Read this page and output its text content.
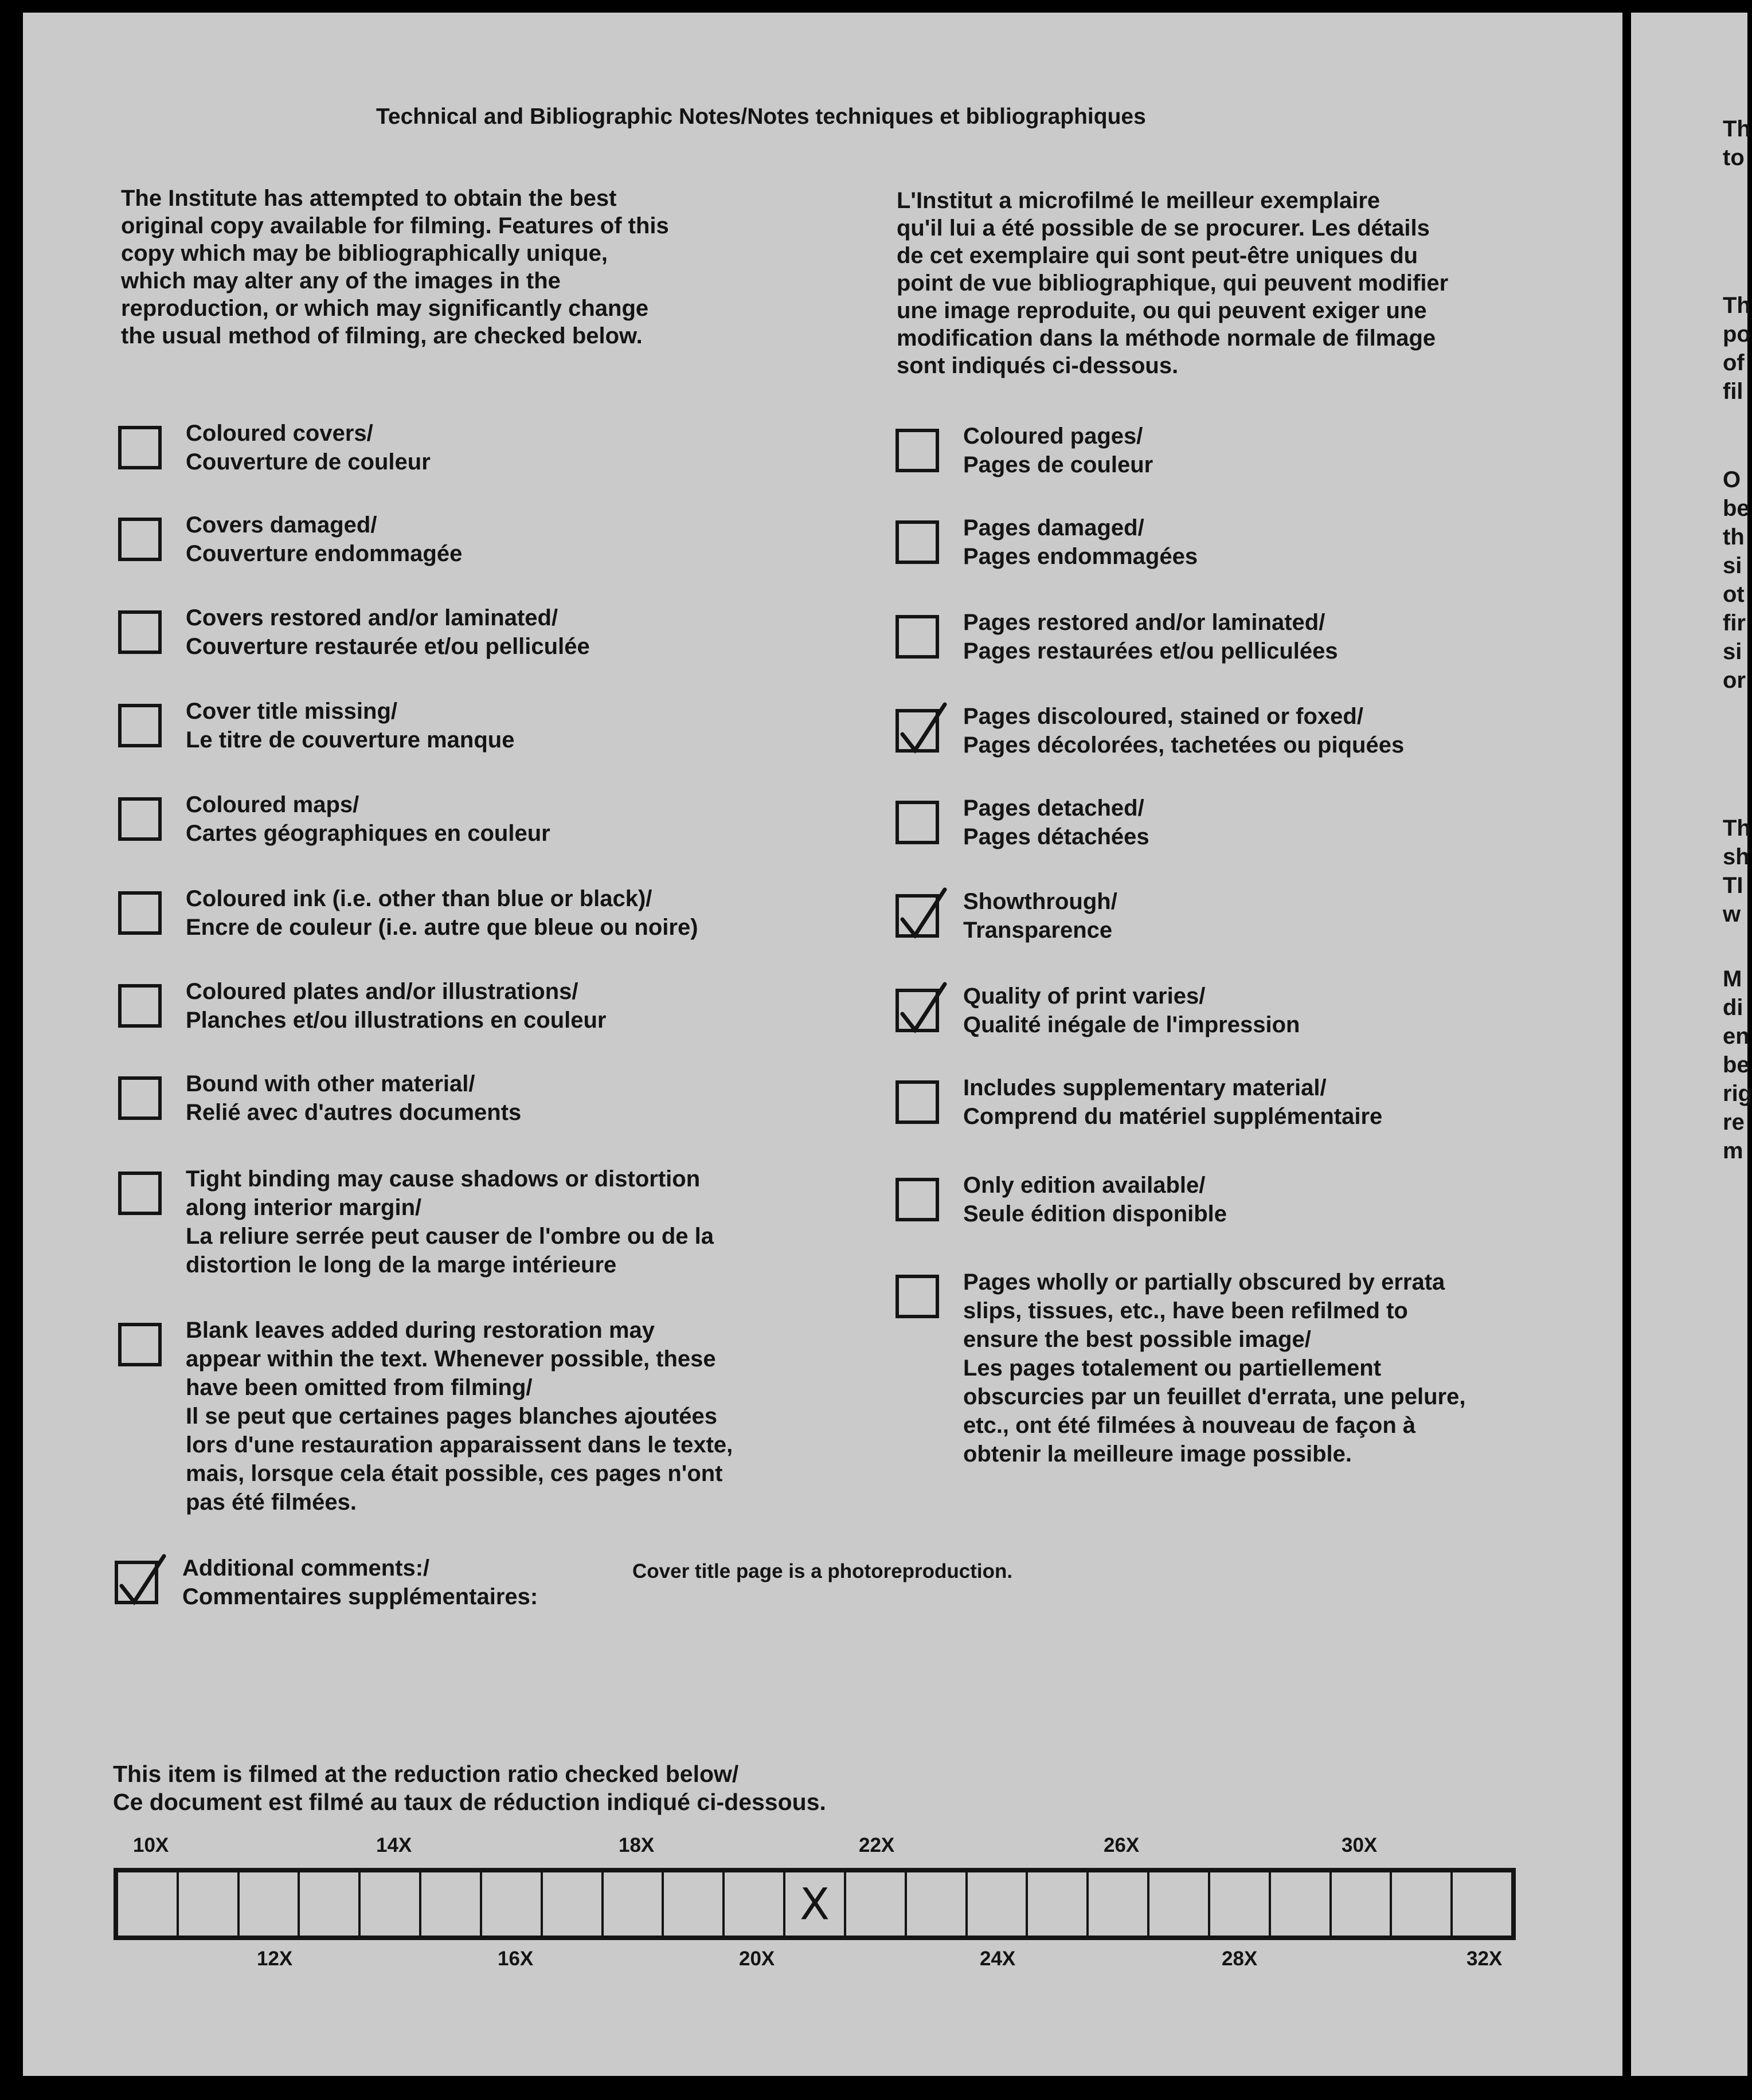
Technical and Bibliographic Notes/Notes techniques et bibliographiques
The Institute has attempted to obtain the best
original copy available for filming. Features of this
copy which may be bibliographically unique,
which may alter any of the images in the
reproduction, or which may significantly change
the usual method of filming, are checked below.
L'Institut a microfilmé le meilleur exemplaire
qu'il lui a été possible de se procurer. Les détails
de cet exemplaire qui sont peut-être uniques du
point de vue bibliographique, qui peuvent modifier
une image reproduite, ou qui peuvent exiger une
modification dans la méthode normale de filmage
sont indiqués ci-dessous.
Coloured covers/
Couverture de couleur
Covers damaged/
Couverture endommagée
Covers restored and/or laminated/
Couverture restaurée et/ou pelliculée
Cover title missing/
Le titre de couverture manque
Coloured maps/
Cartes géographiques en couleur
Coloured ink (i.e. other than blue or black)/
Encre de couleur (i.e. autre que bleue ou noire)
Coloured plates and/or illustrations/
Planches et/ou illustrations en couleur
Bound with other material/
Relié avec d'autres documents
Tight binding may cause shadows or distortion
along interior margin/
La reliure serrée peut causer de l'ombre ou de la
distortion le long de la marge intérieure
Blank leaves added during restoration may
appear within the text. Whenever possible, these
have been omitted from filming/
Il se peut que certaines pages blanches ajoutées
lors d'une restauration apparaissent dans le texte,
mais, lorsque cela était possible, ces pages n'ont
pas été filmées.
Coloured pages/
Pages de couleur
Pages damaged/
Pages endommagées
Pages restored and/or laminated/
Pages restaurées et/ou pelliculées
Pages discoloured, stained or foxed/
Pages décolorées, tachetées ou piquées
Pages detached/
Pages détachées
Showthrough/
Transparence
Quality of print varies/
Qualité inégale de l'impression
Includes supplementary material/
Comprend du matériel supplémentaire
Only edition available/
Seule édition disponible
Pages wholly or partially obscured by errata
slips, tissues, etc., have been refilmed to
ensure the best possible image/
Les pages totalement ou partiellement
obscurcies par un feuillet d'errata, une pelure,
etc., ont été filmées à nouveau de façon à
obtenir la meilleure image possible.
Additional comments:/
Commentaires supplémentaires:
Cover title page is a photoreproduction.
This item is filmed at the reduction ratio checked below/
Ce document est filmé au taux de réduction indiqué ci-dessous.
10X	14X	18X	22X	26X	30X
X
12X	16X	20X	24X	28X	32X
Th
to
Th
po
of
fil
O
be
th
si
ot
fir
si
or
Th
sh
TI
w
M
di
en
be
rig
re
m
